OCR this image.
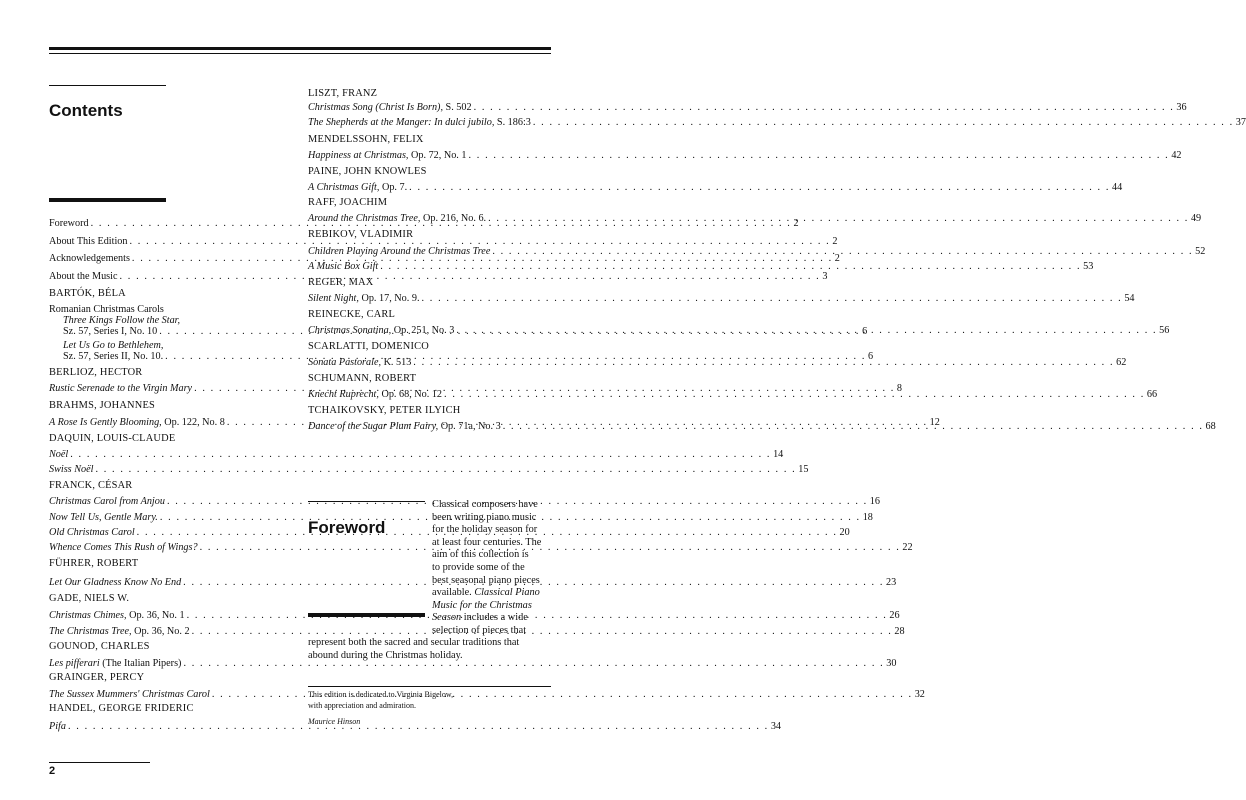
Contents
Foreword . . .	2
About This Edition . . .	2
Acknowledgements . . .	2
About the Music . . .	3
BARTÓK, BÉLA
Romanian Christmas Carols
Three Kings Follow the Star,
Sz. 57, Series I, No. 10 . . .	6
Let Us Go to Bethlehem,
Sz. 57, Series II, No. 10. . . .	6
BERLIOZ, HECTOR
Rustic Serenade to the Virgin Mary . . .	8
BRAHMS, JOHANNES
A Rose Is Gently Blooming, Op. 122, No. 8 . . .	12
DAQUIN, LOUIS-CLAUDE
Noël . . .	14
Swiss Noël . . .	15
FRANCK, CÉSAR
Christmas Carol from Anjou . . .	16
Now Tell Us, Gentle Mary. . . .	18
Old Christmas Carol . . .	20
Whence Comes This Rush of Wings? . . .	22
FÜHRER, ROBERT
Let Our Gladness Know No End . . .	23
GADE, NIELS W.
Christmas Chimes, Op. 36, No. 1 . . .	26
The Christmas Tree, Op. 36, No. 2 . . .	28
GOUNOD, CHARLES
Les pifferari (The Italian Pipers) . . .	30
GRAINGER, PERCY
The Sussex Mummers' Christmas Carol . . .	32
HANDEL, GEORGE FRIDERIC
Pifa . . .	34
LISZT, FRANZ
Christmas Song (Christ Is Born), S. 502 . . .	36
The Shepherds at the Manger: In dulci jubilo, S. 186:3 . . .	37
MENDELSSOHN, FELIX
Happiness at Christmas, Op. 72, No. 1 . . .	42
PAINE, JOHN KNOWLES
A Christmas Gift, Op. 7. . . .	44
RAFF, JOACHIM
Around the Christmas Tree, Op. 216, No. 6. . . .	49
REBIKOV, VLADIMIR
Children Playing Around the Christmas Tree . . .	52
A Music Box Gift . . .	53
REGER, MAX
Silent Night, Op. 17, No. 9. . . .	54
REINECKE, CARL
Christmas Sonatina, Op. 251, No. 3 . . .	56
SCARLATTI, DOMENICO
Sonata Pastorale, K. 513 . . .	62
SCHUMANN, ROBERT
Knecht Ruprecht, Op. 68, No. 12 . . .	66
TCHAIKOVSKY, PETER ILYICH
Dance of the Sugar Plum Fairy, Op. 71a, No. 3 . . .	68
Foreword
Classical composers have
been writing piano music
for the holiday season for
at least four centuries. The
aim of this collection is
to provide some of the
best seasonal piano pieces
available. Classical Piano
Music for the Christmas
Season includes a wide
selection of pieces that
represent both the sacred and secular traditions that
abound during the Christmas holiday.
This edition is dedicated to Virginia Bigelow,
with appreciation and admiration.
Maurice Hinson
2
